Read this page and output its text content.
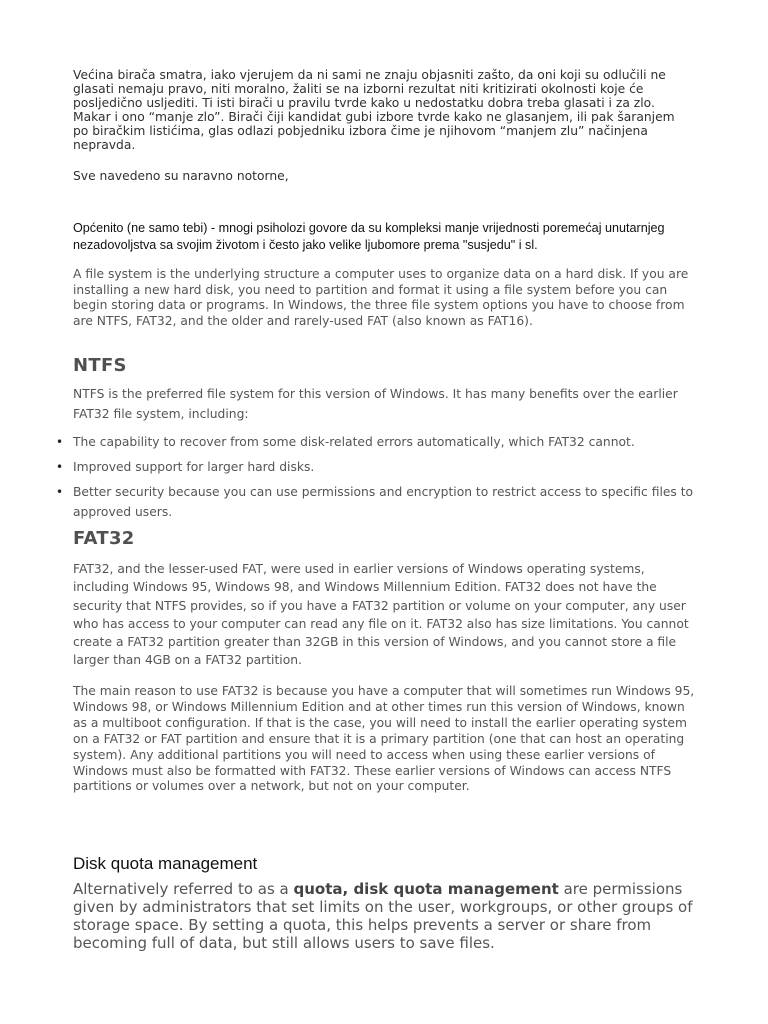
Većina birača smatra, iako vjerujem da ni sami ne znaju objasniti zašto, da oni koji su odlučili ne glasati nemaju pravo, niti moralno, žaliti se na izborni rezultat niti kritizirati okolnosti koje će posljedično usljediti. Ti isti birači u pravilu tvrde kako u nedostatku dobra treba glasati i za zlo. Makar i ono “manje zlo”. Birači čiji kandidat gubi izbore tvrde kako ne glasanjem, ili pak šaranjem po biračkim listićima, glas odlazi pobjedniku izbora čime je njihovom “manjem zlu” načinjena nepravda.

Sve navedeno su naravno notorne,

Općenito (ne samo tebi) - mnogi psiholozi govore da su kompleksi manje vrijednosti poremećaj unutarnjeg nezadovoljstva sa svojim životom i često jako velike ljubomore prema "susjedu" i sl.

A file system is the underlying structure a computer uses to organize data on a hard disk. If you are installing a new hard disk, you need to partition and format it using a file system before you can begin storing data or programs. In Windows, the three file system options you have to choose from are NTFS, FAT32, and the older and rarely-used FAT (also known as FAT16).

NTFS

NTFS is the preferred file system for this version of Windows. It has many benefits over the earlier FAT32 file system, including:

• The capability to recover from some disk-related errors automatically, which FAT32 cannot.
• Improved support for larger hard disks.
• Better security because you can use permissions and encryption to restrict access to specific files to approved users.
FAT32

FAT32, and the lesser-used FAT, were used in earlier versions of Windows operating systems, including Windows 95, Windows 98, and Windows Millennium Edition. FAT32 does not have the security that NTFS provides, so if you have a FAT32 partition or volume on your computer, any user who has access to your computer can read any file on it. FAT32 also has size limitations. You cannot create a FAT32 partition greater than 32GB in this version of Windows, and you cannot store a file larger than 4GB on a FAT32 partition.

The main reason to use FAT32 is because you have a computer that will sometimes run Windows 95, Windows 98, or Windows Millennium Edition and at other times run this version of Windows, known as a multiboot configuration. If that is the case, you will need to install the earlier operating system on a FAT32 or FAT partition and ensure that it is a primary partition (one that can host an operating system). Any additional partitions you will need to access when using these earlier versions of Windows must also be formatted with FAT32. These earlier versions of Windows can access NTFS partitions or volumes over a network, but not on your computer.

Disk quota management

Alternatively referred to as a quota, disk quota management are permissions given by administrators that set limits on the user, workgroups, or other groups of storage space. By setting a quota, this helps prevents a server or share from becoming full of data, but still allows users to save files.
